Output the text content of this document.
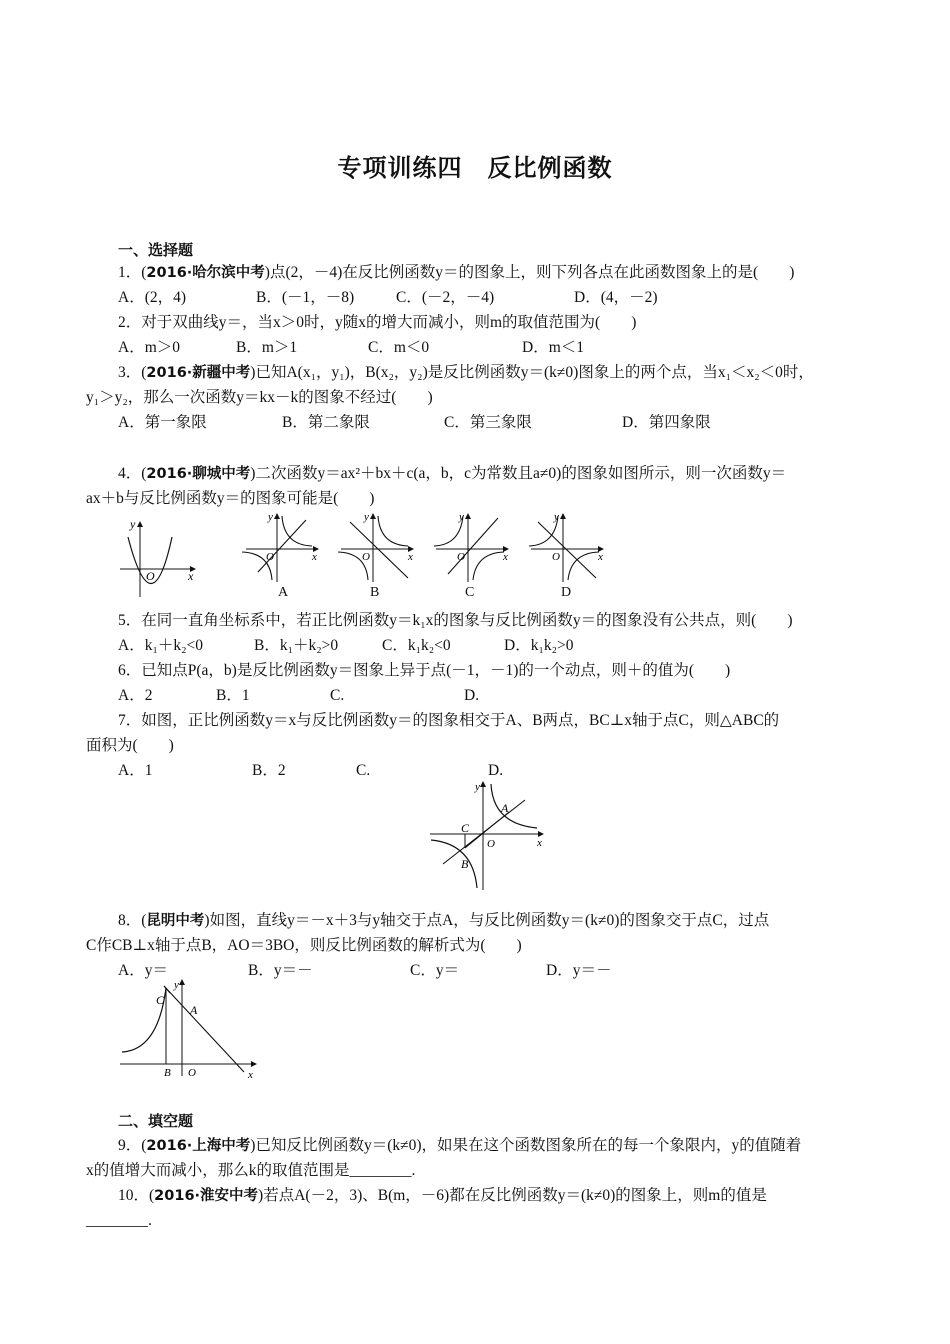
专项训练四　反比例函数
一、选择题
1．(2016·哈尔滨中考)点(2，－4)在反比例函数y＝的图象上，则下列各点在此函数图象上的是(　　)
A．(2，4)	B．(－1，－8)	C．(－2，－4)	D．(4，－2)
2．对于双曲线y＝，当x＞0时，y随x的增大而减小，则m的取值范围为(　　)
A．m＞0	B．m＞1	C．m＜0	D．m＜1
3．(2016·新疆中考)已知A(x₁，y₁)，B(x₂，y₂)是反比例函数y＝(k≠0)图象上的两个点，当x₁＜x₂＜0时，
y₁＞y₂，那么一次函数y＝kx－k的图象不经过(　　)
A．第一象限	B．第二象限	C．第三象限	D．第四象限
4．(2016·聊城中考)二次函数y＝ax²＋bx＋c(a，b，c为常数且a≠0)的图象如图所示，则一次函数y＝
ax＋b与反比例函数y＝的图象可能是(　　)
y
O	x
y
O	x
y
O	x
y
O	x
y
O	x
A	B	C	D
5．在同一直角坐标系中，若正比例函数y＝k₁x的图象与反比例函数y＝的图象没有公共点，则(　　)
A．k₁＋k₂<0	B．k₁＋k₂>0	C．k₁k₂<0	D．k₁k₂>0
6．已知点P(a，b)是反比例函数y＝图象上异于点(－1，－1)的一个动点，则＋的值为(　　)
A．2	B．1	C.	D.
7．如图，正比例函数y＝x与反比例函数y＝的图象相交于A、B两点，BC⊥x轴于点C，则△ABC的
面积为(　　)
A．1	B．2	C.	D.
y
x
O
A
B
C
8．(昆明中考)如图，直线y＝－x＋3与y轴交于点A，与反比例函数y＝(k≠0)的图象交于点C，过点
C作CB⊥x轴于点B，AO＝3BO，则反比例函数的解析式为(　　)
A．y＝	B．y＝－	C．y＝	D．y＝－
y
x
O
C
A
B
二、填空题
9．(2016·上海中考)已知反比例函数y＝(k≠0)，如果在这个函数图象所在的每一个象限内，y的值随着
x的值增大而减小，那么k的取值范围是________.
10．(2016·淮安中考)若点A(－2，3)、B(m，－6)都在反比例函数y＝(k≠0)的图象上，则m的值是
________.
